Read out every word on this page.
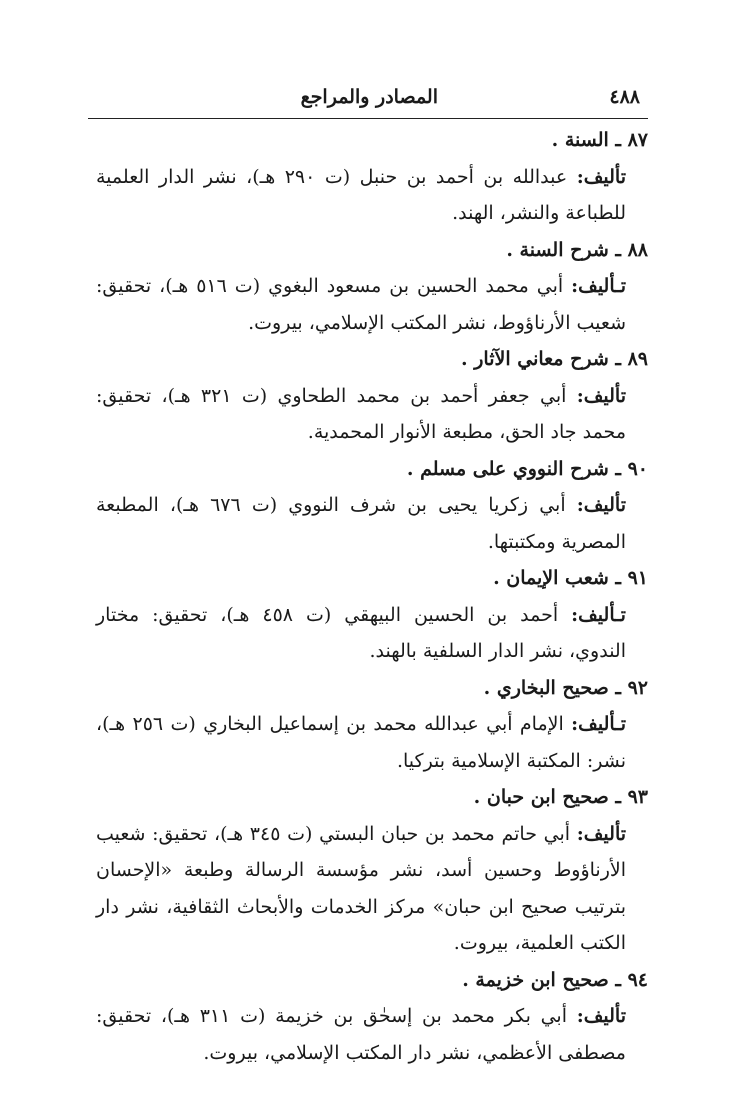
٤٨٨
المصادر والمراجع
٨٧ ـ السنة .
تأليف: عبدالله بن أحمد بن حنبل (ت ٢٩٠ هـ)، نشر الدار العلمية للطباعة والنشر، الهند.
٨٨ ـ شرح السنة .
تـأليف: أبي محمد الحسين بن مسعود البغوي (ت ٥١٦ هـ)، تحقيق: شعيب الأرناؤوط، نشر المكتب الإسلامي، بيروت.
٨٩ ـ شرح معاني الآثار .
تأليف: أبي جعفر أحمد بن محمد الطحاوي (ت ٣٢١ هـ)، تحقيق: محمد جاد الحق، مطبعة الأنوار المحمدية.
٩٠ ـ شرح النووي على مسلم .
تأليف: أبي زكريا يحيى بن شرف النووي (ت ٦٧٦ هـ)، المطبعة المصرية ومكتبتها.
٩١ ـ شعب الإيمان .
تـأليف: أحمد بن الحسين البيهقي (ت ٤٥٨ هـ)، تحقيق: مختار الندوي، نشر الدار السلفية بالهند.
٩٢ ـ صحيح البخاري .
تـأليف: الإمام أبي عبدالله محمد بن إسماعيل البخاري (ت ٢٥٦ هـ)، نشر: المكتبة الإسلامية بتركيا.
٩٣ ـ صحيح ابن حبان .
تأليف: أبي حاتم محمد بن حبان البستي (ت ٣٤٥ هـ)، تحقيق: شعيب الأرناؤوط وحسين أسد، نشر مؤسسة الرسالة وطبعة «الإحسان بترتيب صحيح ابن حبان» مركز الخدمات والأبحاث الثقافية، نشر دار الكتب العلمية، بيروت.
٩٤ ـ صحيح ابن خزيمة .
تأليف: أبي بكر محمد بن إسحٰق بن خزيمة (ت ٣١١ هـ)، تحقيق: مصطفى الأعظمي، نشر دار المكتب الإسلامي، بيروت.
